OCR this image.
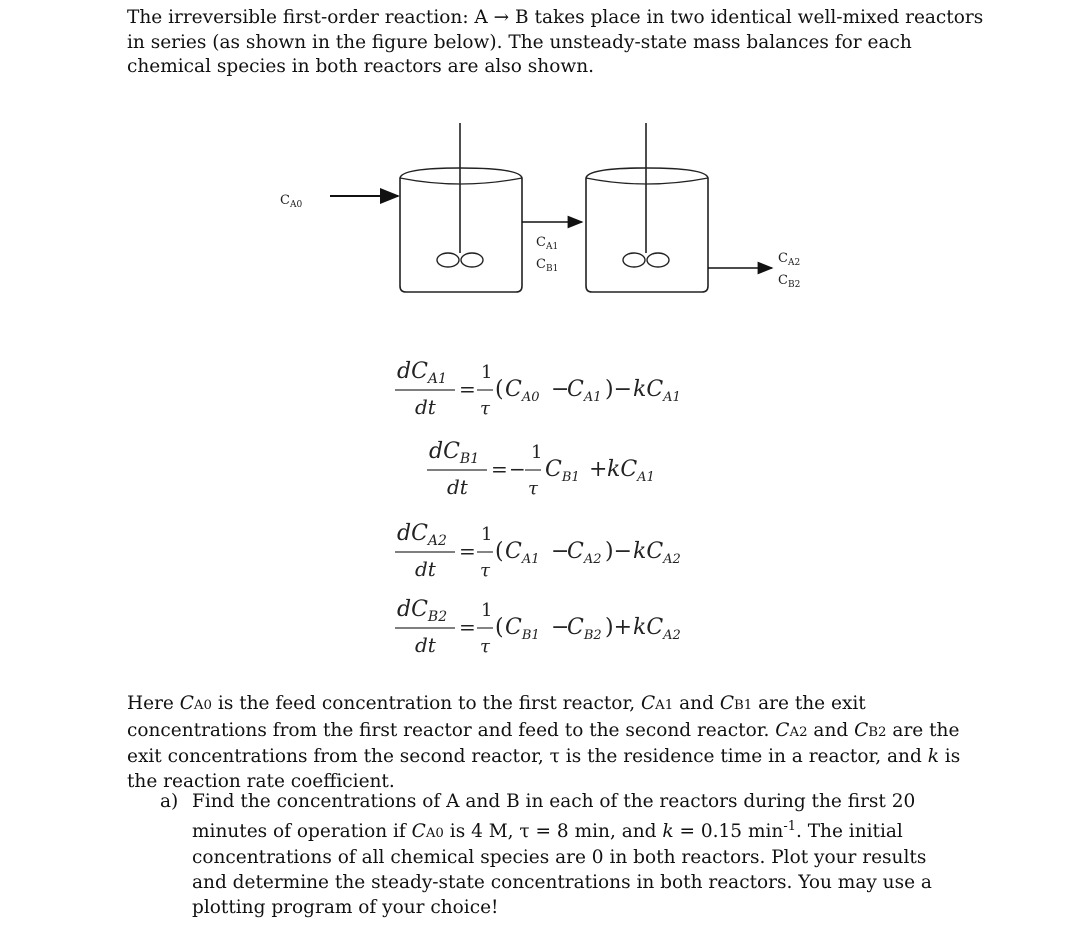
The irreversible first-order reaction: A → B takes place in two identical well-mixed reactors in series (as shown in the figure below). The unsteady-state mass balances for each chemical species in both reactors are also shown.
$C_{A0}$
$C_{A1}$
$C_{B1}$
$C_{A2}$
$C_{B2}$
$dC_{A1}$
dt
=
1
τ
( $C_{A0}$ −
$C_{A1}$ )− $kC_{A1}$
$dC_{B1}$
dt
= −
1
τ
$C_{B1} + kC_{A1}$
$dC_{A2}$
dt
=
1
τ
( $C_{A1}$ −
$C_{A2}$ )− $kC_{A2}$
$dC_{B2}$
dt
=
1
τ
( $C_{B1}$ −
$C_{B2}$ )+ $kC_{A2}$
Here CA0 is the feed concentration to the first reactor, CA1 and CB1 are the exit concentrations from the first reactor and feed to the second reactor. CA2 and CB2 are the exit concentrations from the second reactor, τ is the residence time in a reactor, and k is the reaction rate coefficient.
a) Find the concentrations of A and B in each of the reactors during the first 20 minutes of operation if CA0 is 4 M, τ = 8 min, and k = 0.15 $\min^{-1}$. The initial concentrations of all chemical species are 0 in both reactors. Plot your results and determine the steady-state concentrations in both reactors. You may use a plotting program of your choice!
